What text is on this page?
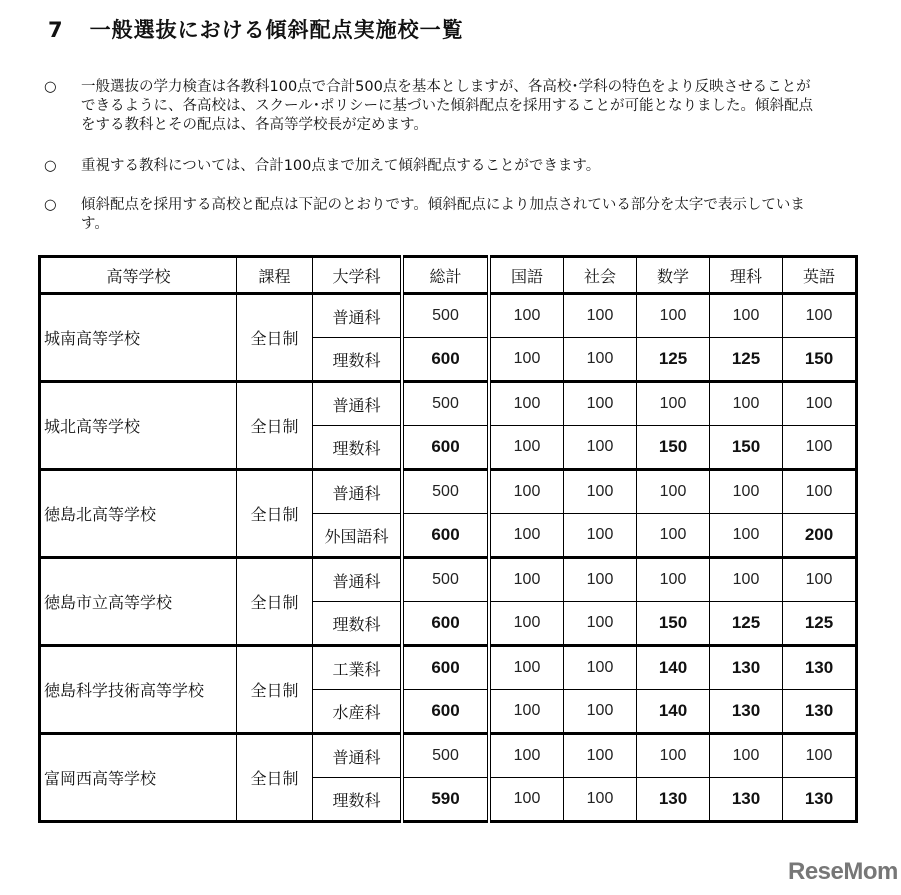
7 一般選抜における傾斜配点実施校一覧
○	一般選抜の学力検査は各教科100点で合計500点を基本としますが、各高校･学科の特色をより反映させることができるように、各高校は、スクール･ポリシーに基づいた傾斜配点を採用することが可能となりました。傾斜配点をする教科とその配点は、各高等学校長が定めます。
○	重視する教科については、合計100点まで加えて傾斜配点することができます。
○	傾斜配点を採用する高校と配点は下記のとおりです。傾斜配点により加点されている部分を太字で表示しています。
高等学校	課程	大学科	総計	国語	社会	数学	理科	英語
城南高等学校	全日制	普通科	500	100	100	100	100	100
		理数科	600	100	100	125	125	150
城北高等学校	全日制	普通科	500	100	100	100	100	100
		理数科	600	100	100	150	150	100
徳島北高等学校	全日制	普通科	500	100	100	100	100	100
		外国語科	600	100	100	100	100	200
徳島市立高等学校	全日制	普通科	500	100	100	100	100	100
		理数科	600	100	100	150	125	125
徳島科学技術高等学校	全日制	工業科	600	100	100	140	130	130
		水産科	600	100	100	140	130	130
富岡西高等学校	全日制	普通科	500	100	100	100	100	100
		理数科	590	100	100	130	130	130
ReseMom
